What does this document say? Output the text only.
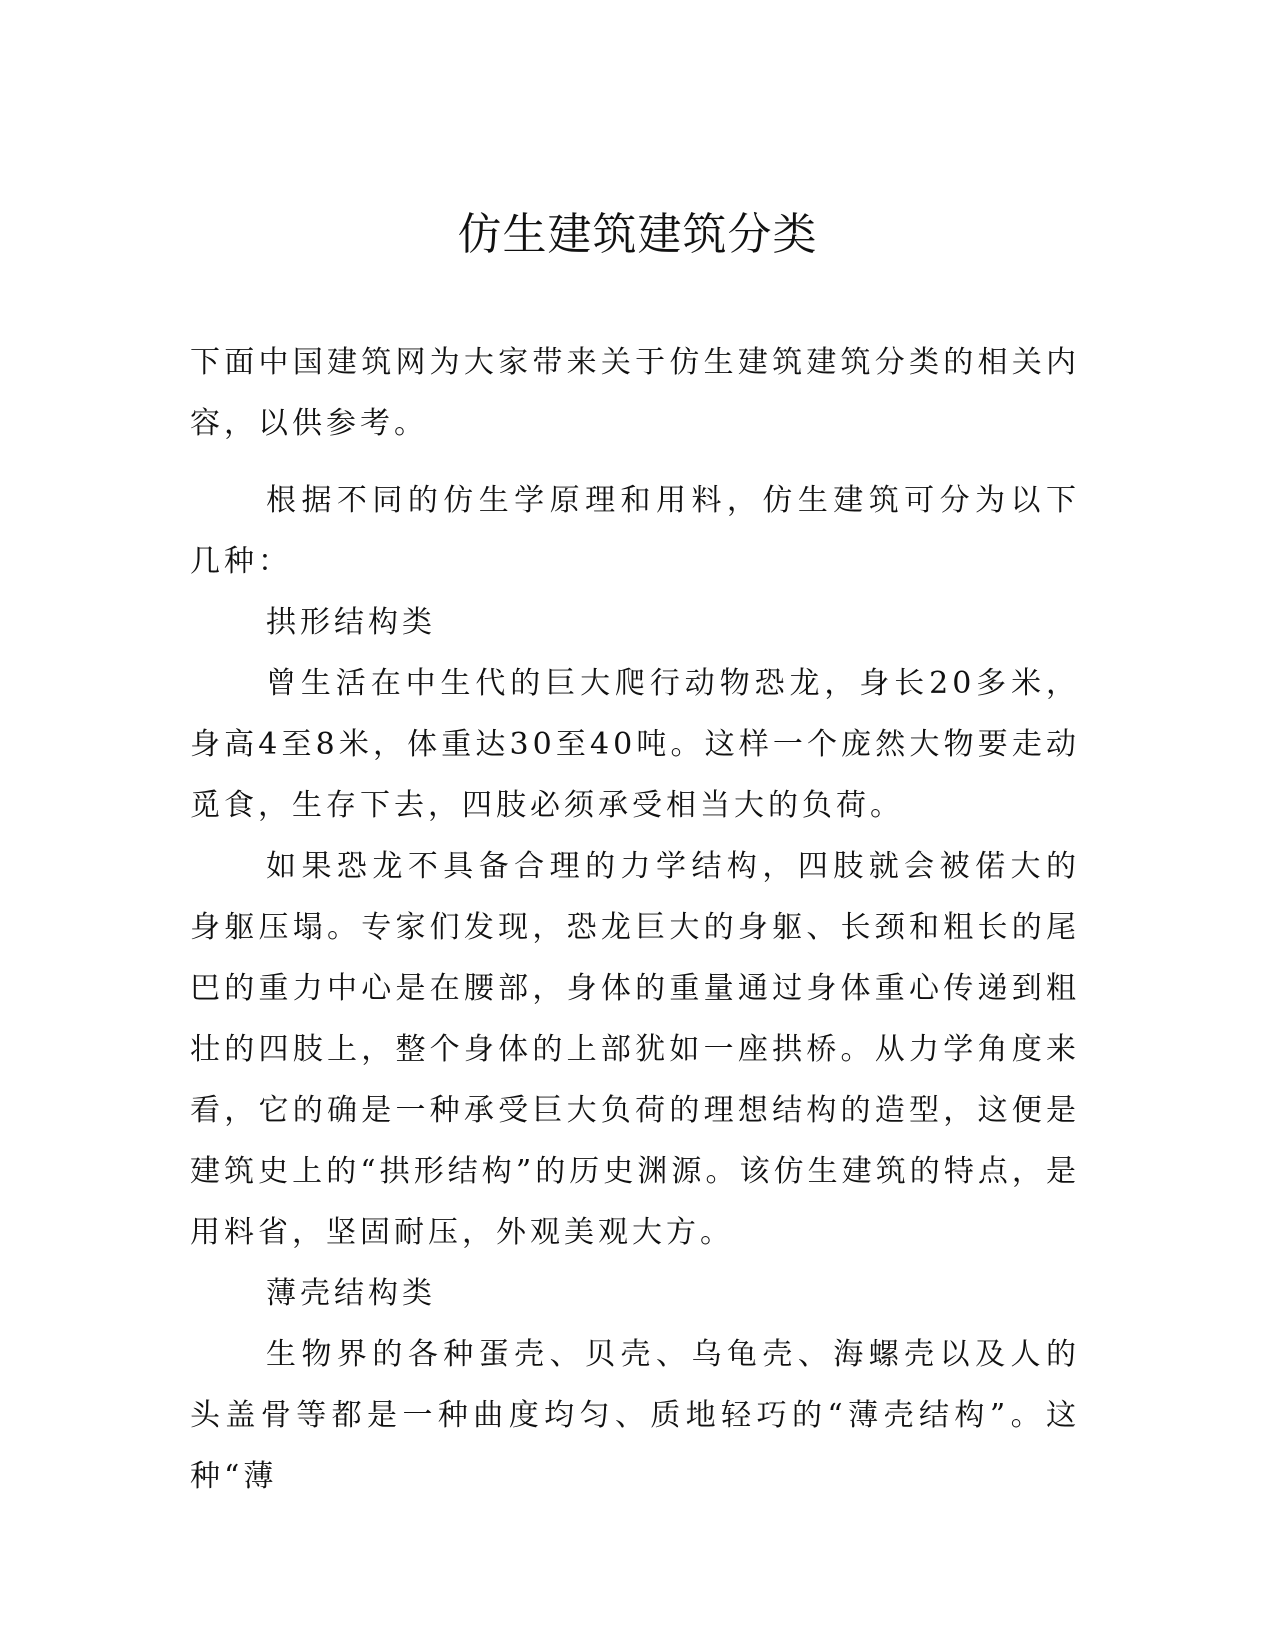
仿生建筑建筑分类

下面中国建筑网为大家带来关于仿生建筑建筑分类的相关内容，以供参考。

根据不同的仿生学原理和用料，仿生建筑可分为以下几种：

拱形结构类

曾生活在中生代的巨大爬行动物恐龙，身长20多米，身高4至8米，体重达30至40吨。这样一个庞然大物要走动觅食，生存下去，四肢必须承受相当大的负荷。

如果恐龙不具备合理的力学结构，四肢就会被偌大的身躯压塌。专家们发现，恐龙巨大的身躯、长颈和粗长的尾巴的重力中心是在腰部，身体的重量通过身体重心传递到粗壮的四肢上，整个身体的上部犹如一座拱桥。从力学角度来看，它的确是一种承受巨大负荷的理想结构的造型，这便是建筑史上的“拱形结构”的历史渊源。该仿生建筑的特点，是用料省，坚固耐压，外观美观大方。

薄壳结构类

生物界的各种蛋壳、贝壳、乌龟壳、海螺壳以及人的头盖骨等都是一种曲度均匀、质地轻巧的“薄壳结构”。这种“薄
